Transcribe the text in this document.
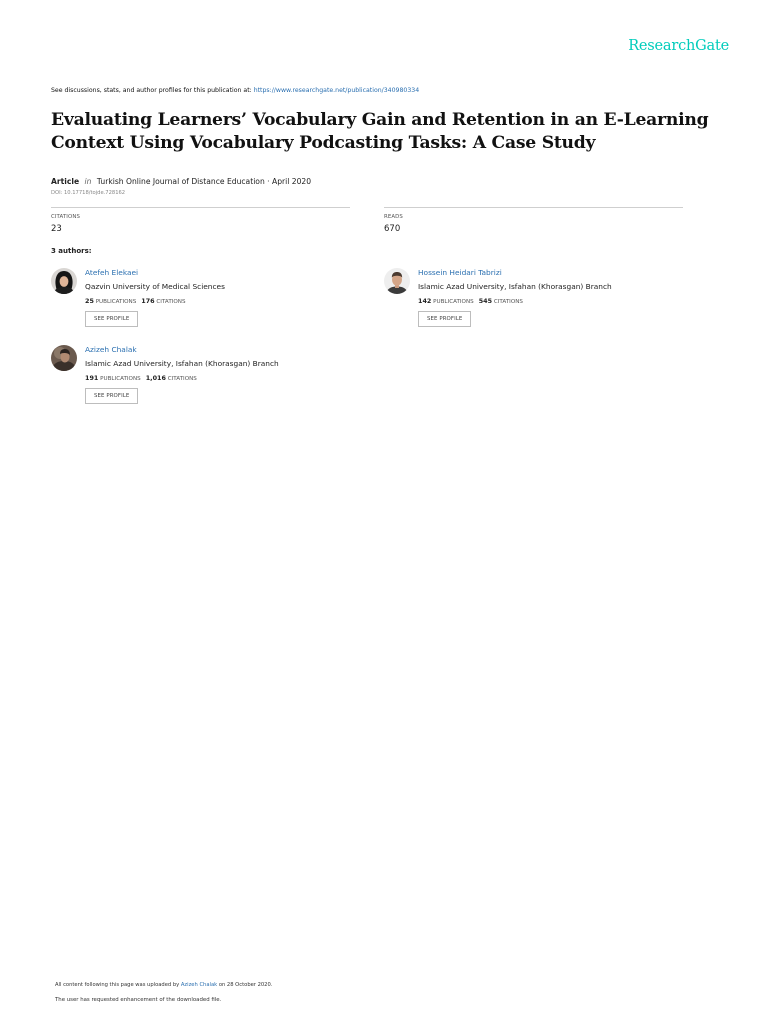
ResearchGate
See discussions, stats, and author profiles for this publication at: https://www.researchgate.net/publication/340980334
Evaluating Learners’ Vocabulary Gain and Retention in an E-Learning Context Using Vocabulary Podcasting Tasks: A Case Study
Article in Turkish Online Journal of Distance Education · April 2020
DOI: 10.17718/tojde.728162
CITATIONS
23
READS
670
3 authors:
Atefeh Elekaei
Qazvin University of Medical Sciences
25 PUBLICATIONS 176 CITATIONS
SEE PROFILE
Hossein Heidari Tabrizi
Islamic Azad University, Isfahan (Khorasgan) Branch
142 PUBLICATIONS 545 CITATIONS
SEE PROFILE
Azizeh Chalak
Islamic Azad University, Isfahan (Khorasgan) Branch
191 PUBLICATIONS 1,016 CITATIONS
SEE PROFILE
All content following this page was uploaded by Azizeh Chalak on 28 October 2020.
The user has requested enhancement of the downloaded file.
